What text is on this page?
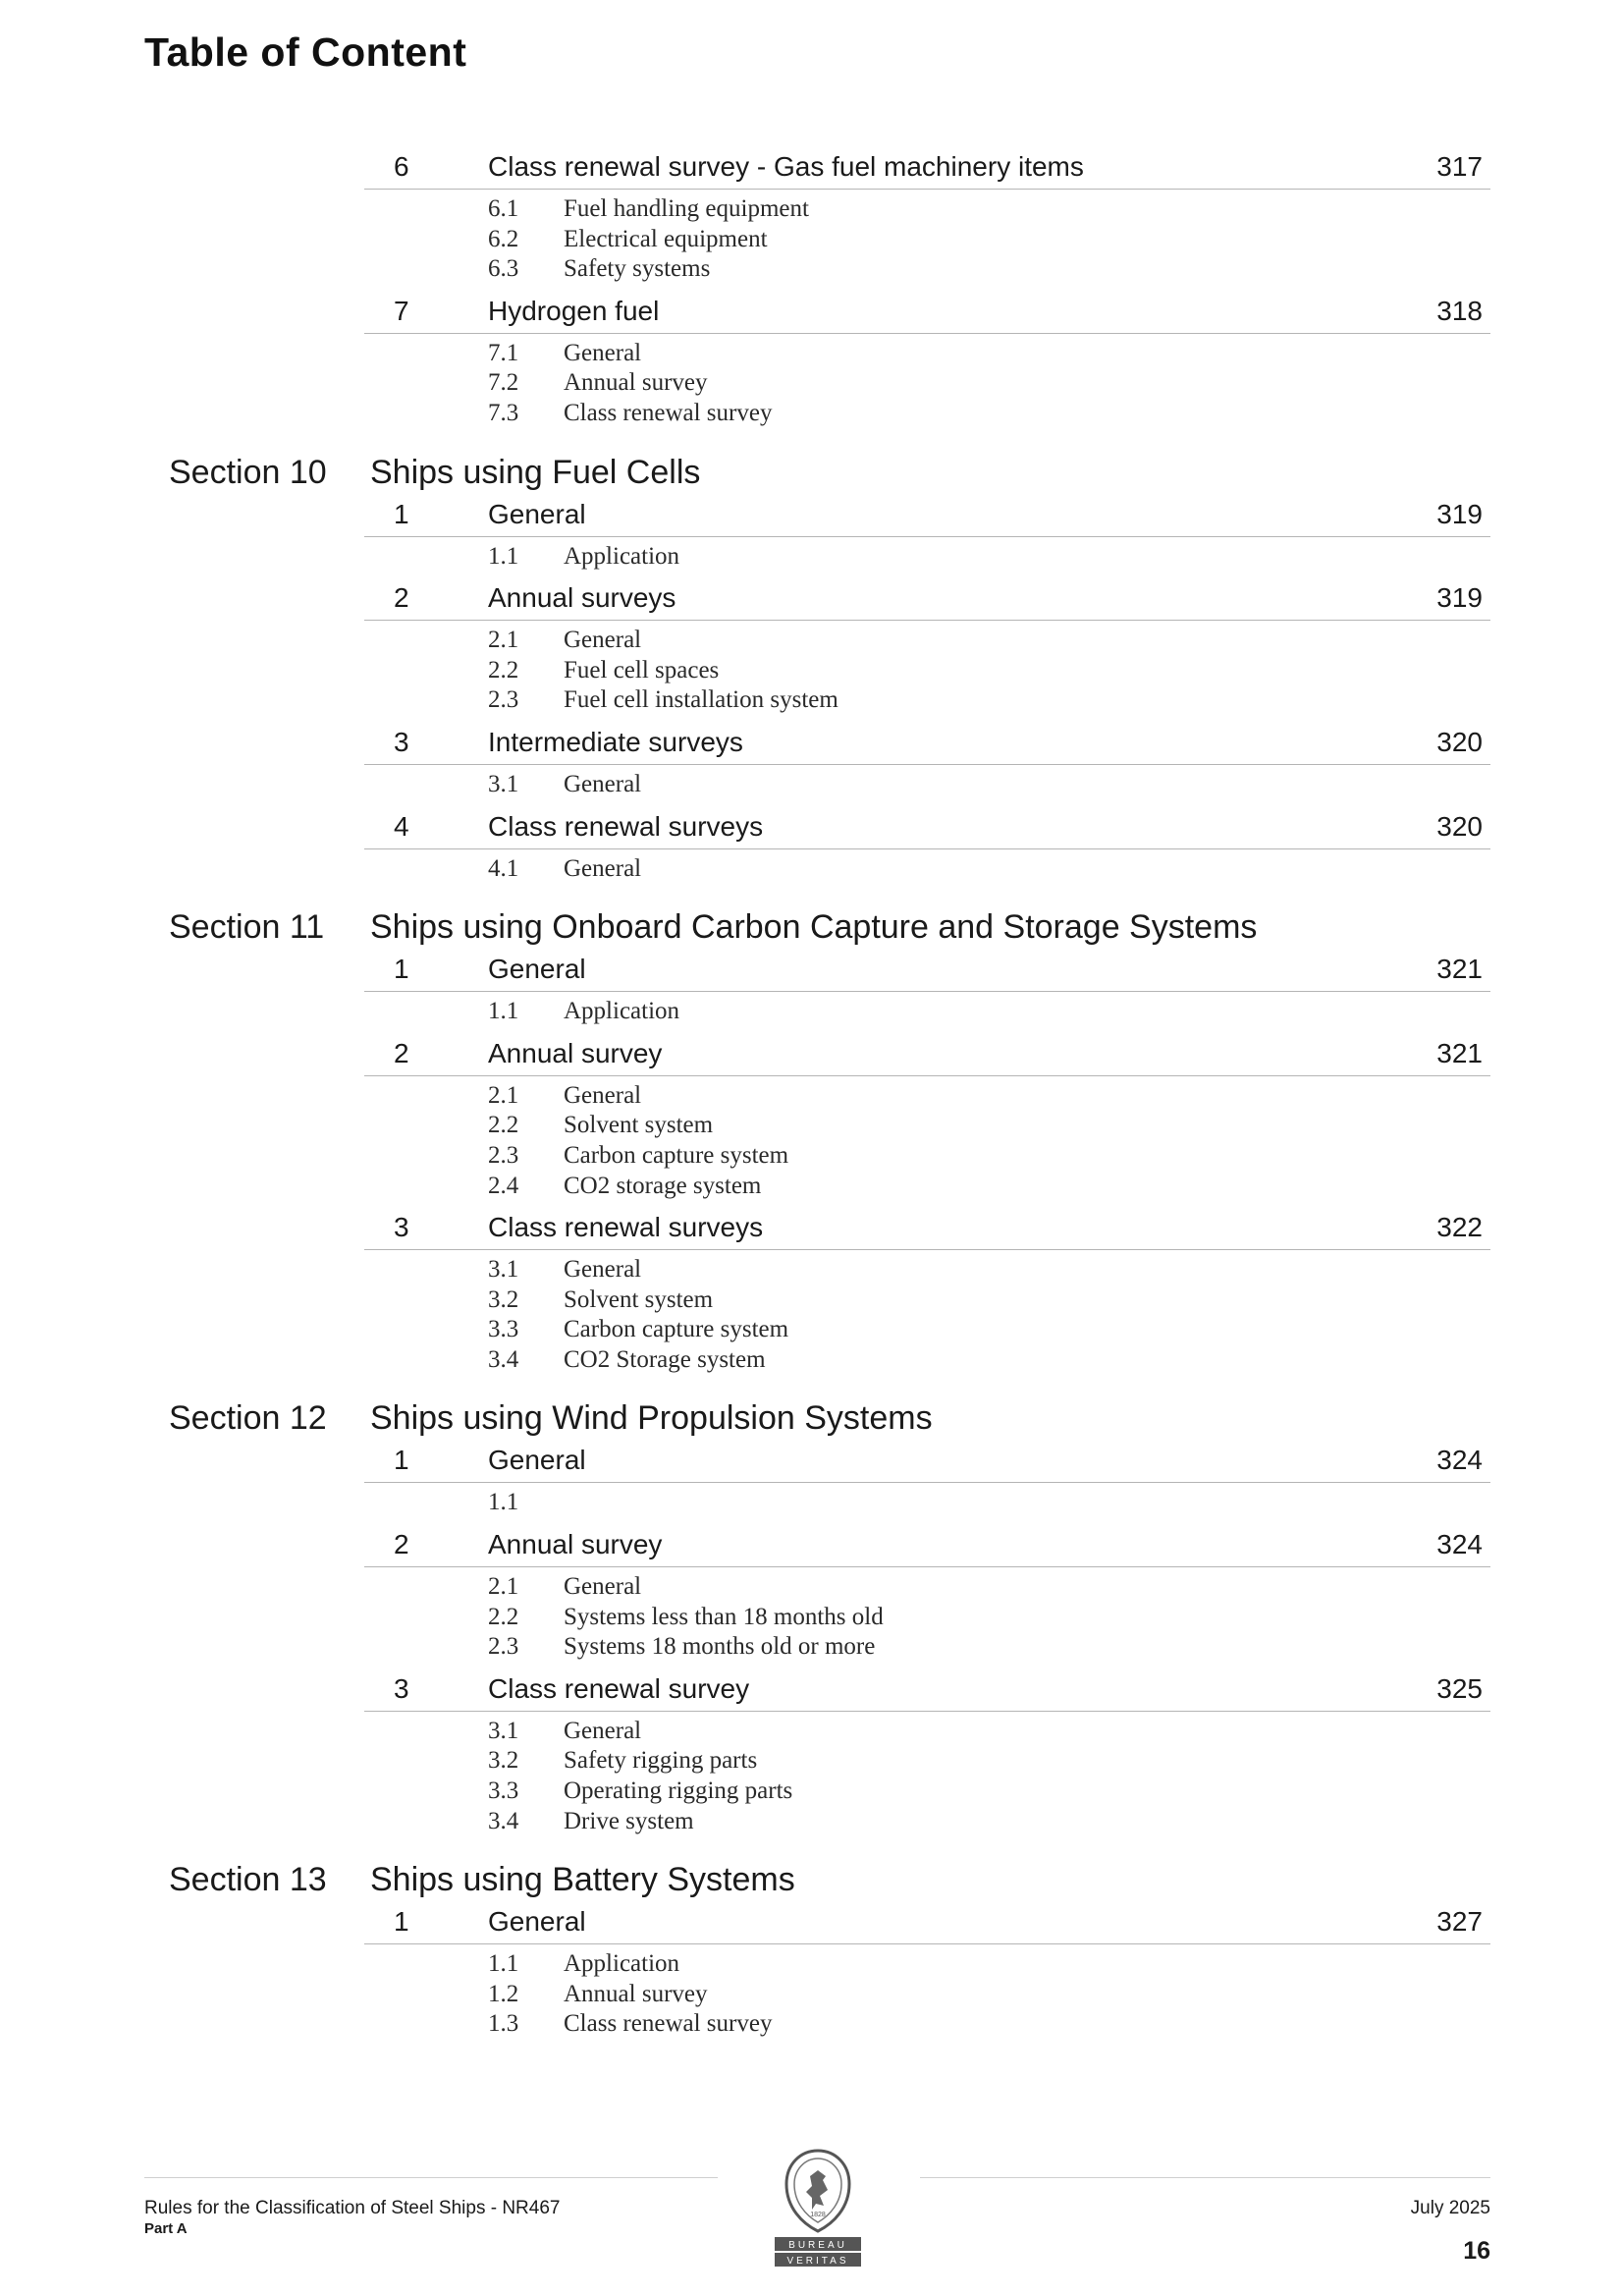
Table of Content
6	Class renewal survey - Gas fuel machinery items	317
6.1 Fuel handling equipment
6.2 Electrical equipment
6.3 Safety systems
7	Hydrogen fuel	318
7.1 General
7.2 Annual survey
7.3 Class renewal survey
Section 10 Ships using Fuel Cells
1	General	319
1.1 Application
2	Annual surveys	319
2.1 General
2.2 Fuel cell spaces
2.3 Fuel cell installation system
3	Intermediate surveys	320
3.1 General
4	Class renewal surveys	320
4.1 General
Section 11 Ships using Onboard Carbon Capture and Storage Systems
1	General	321
1.1 Application
2	Annual survey	321
2.1 General
2.2 Solvent system
2.3 Carbon capture system
2.4 CO2 storage system
3	Class renewal surveys	322
3.1 General
3.2 Solvent system
3.3 Carbon capture system
3.4 CO2 Storage system
Section 12 Ships using Wind Propulsion Systems
1	General	324
1.1
2	Annual survey	324
2.1 General
2.2 Systems less than 18 months old
2.3 Systems 18 months old or more
3	Class renewal survey	325
3.1 General
3.2 Safety rigging parts
3.3 Operating rigging parts
3.4 Drive system
Section 13 Ships using Battery Systems
1	General	327
1.1 Application
1.2 Annual survey
1.3 Class renewal survey
Rules for the Classification of Steel Ships - NR467
Part A
July 2025
16
1828
BUREAU
VERITAS
